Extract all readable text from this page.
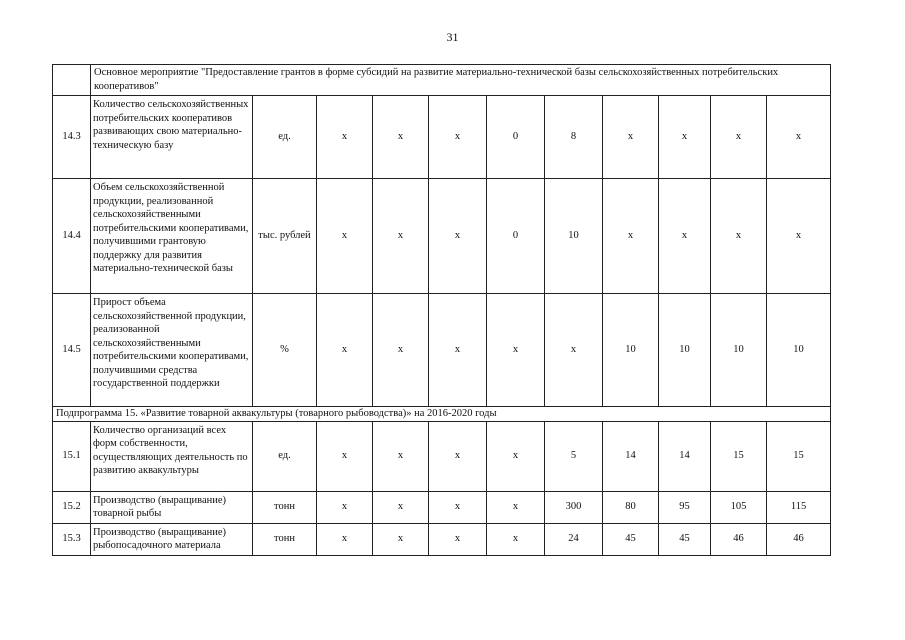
31
	Основное мероприятие "Предоставление грантов в форме субсидий на развитие материально-технической базы сельскохозяйственных потребительских кооперативов"										
14.3	Количество сельскохозяйственных потребительских кооперативов развивающих свою материально-техническую базу	ед.	х	х	х	0	8	х	х	х	х
14.4	Объем сельскохозяйственной продукции, реализованной сельскохозяйственными потребительскими кооперативами, получившими грантовую поддержку для развития материально-технической базы	тыс. рублей	х	х	х	0	10	х	х	х	х
14.5	Прирост объема сельскохозяйственной продукции, реализованной сельскохозяйственными потребительскими кооперативами, получившими средства государственной поддержки	%	х	х	х	х	х	10	10	10	10
Подпрограмма 15. «Развитие товарной аквакультуры (товарного рыбоводства)» на 2016-2020 годы											
15.1	Количество организаций всех форм собственности, осуществляющих деятельность по развитию аквакультуры	ед.	х	х	х	х	5	14	14	15	15
15.2	Производство (выращивание) товарной рыбы	тонн	х	х	х	х	300	80	95	105	115
15.3	Производство (выращивание) рыбопосадочного материала	тонн	х	х	х	х	24	45	45	46	46
